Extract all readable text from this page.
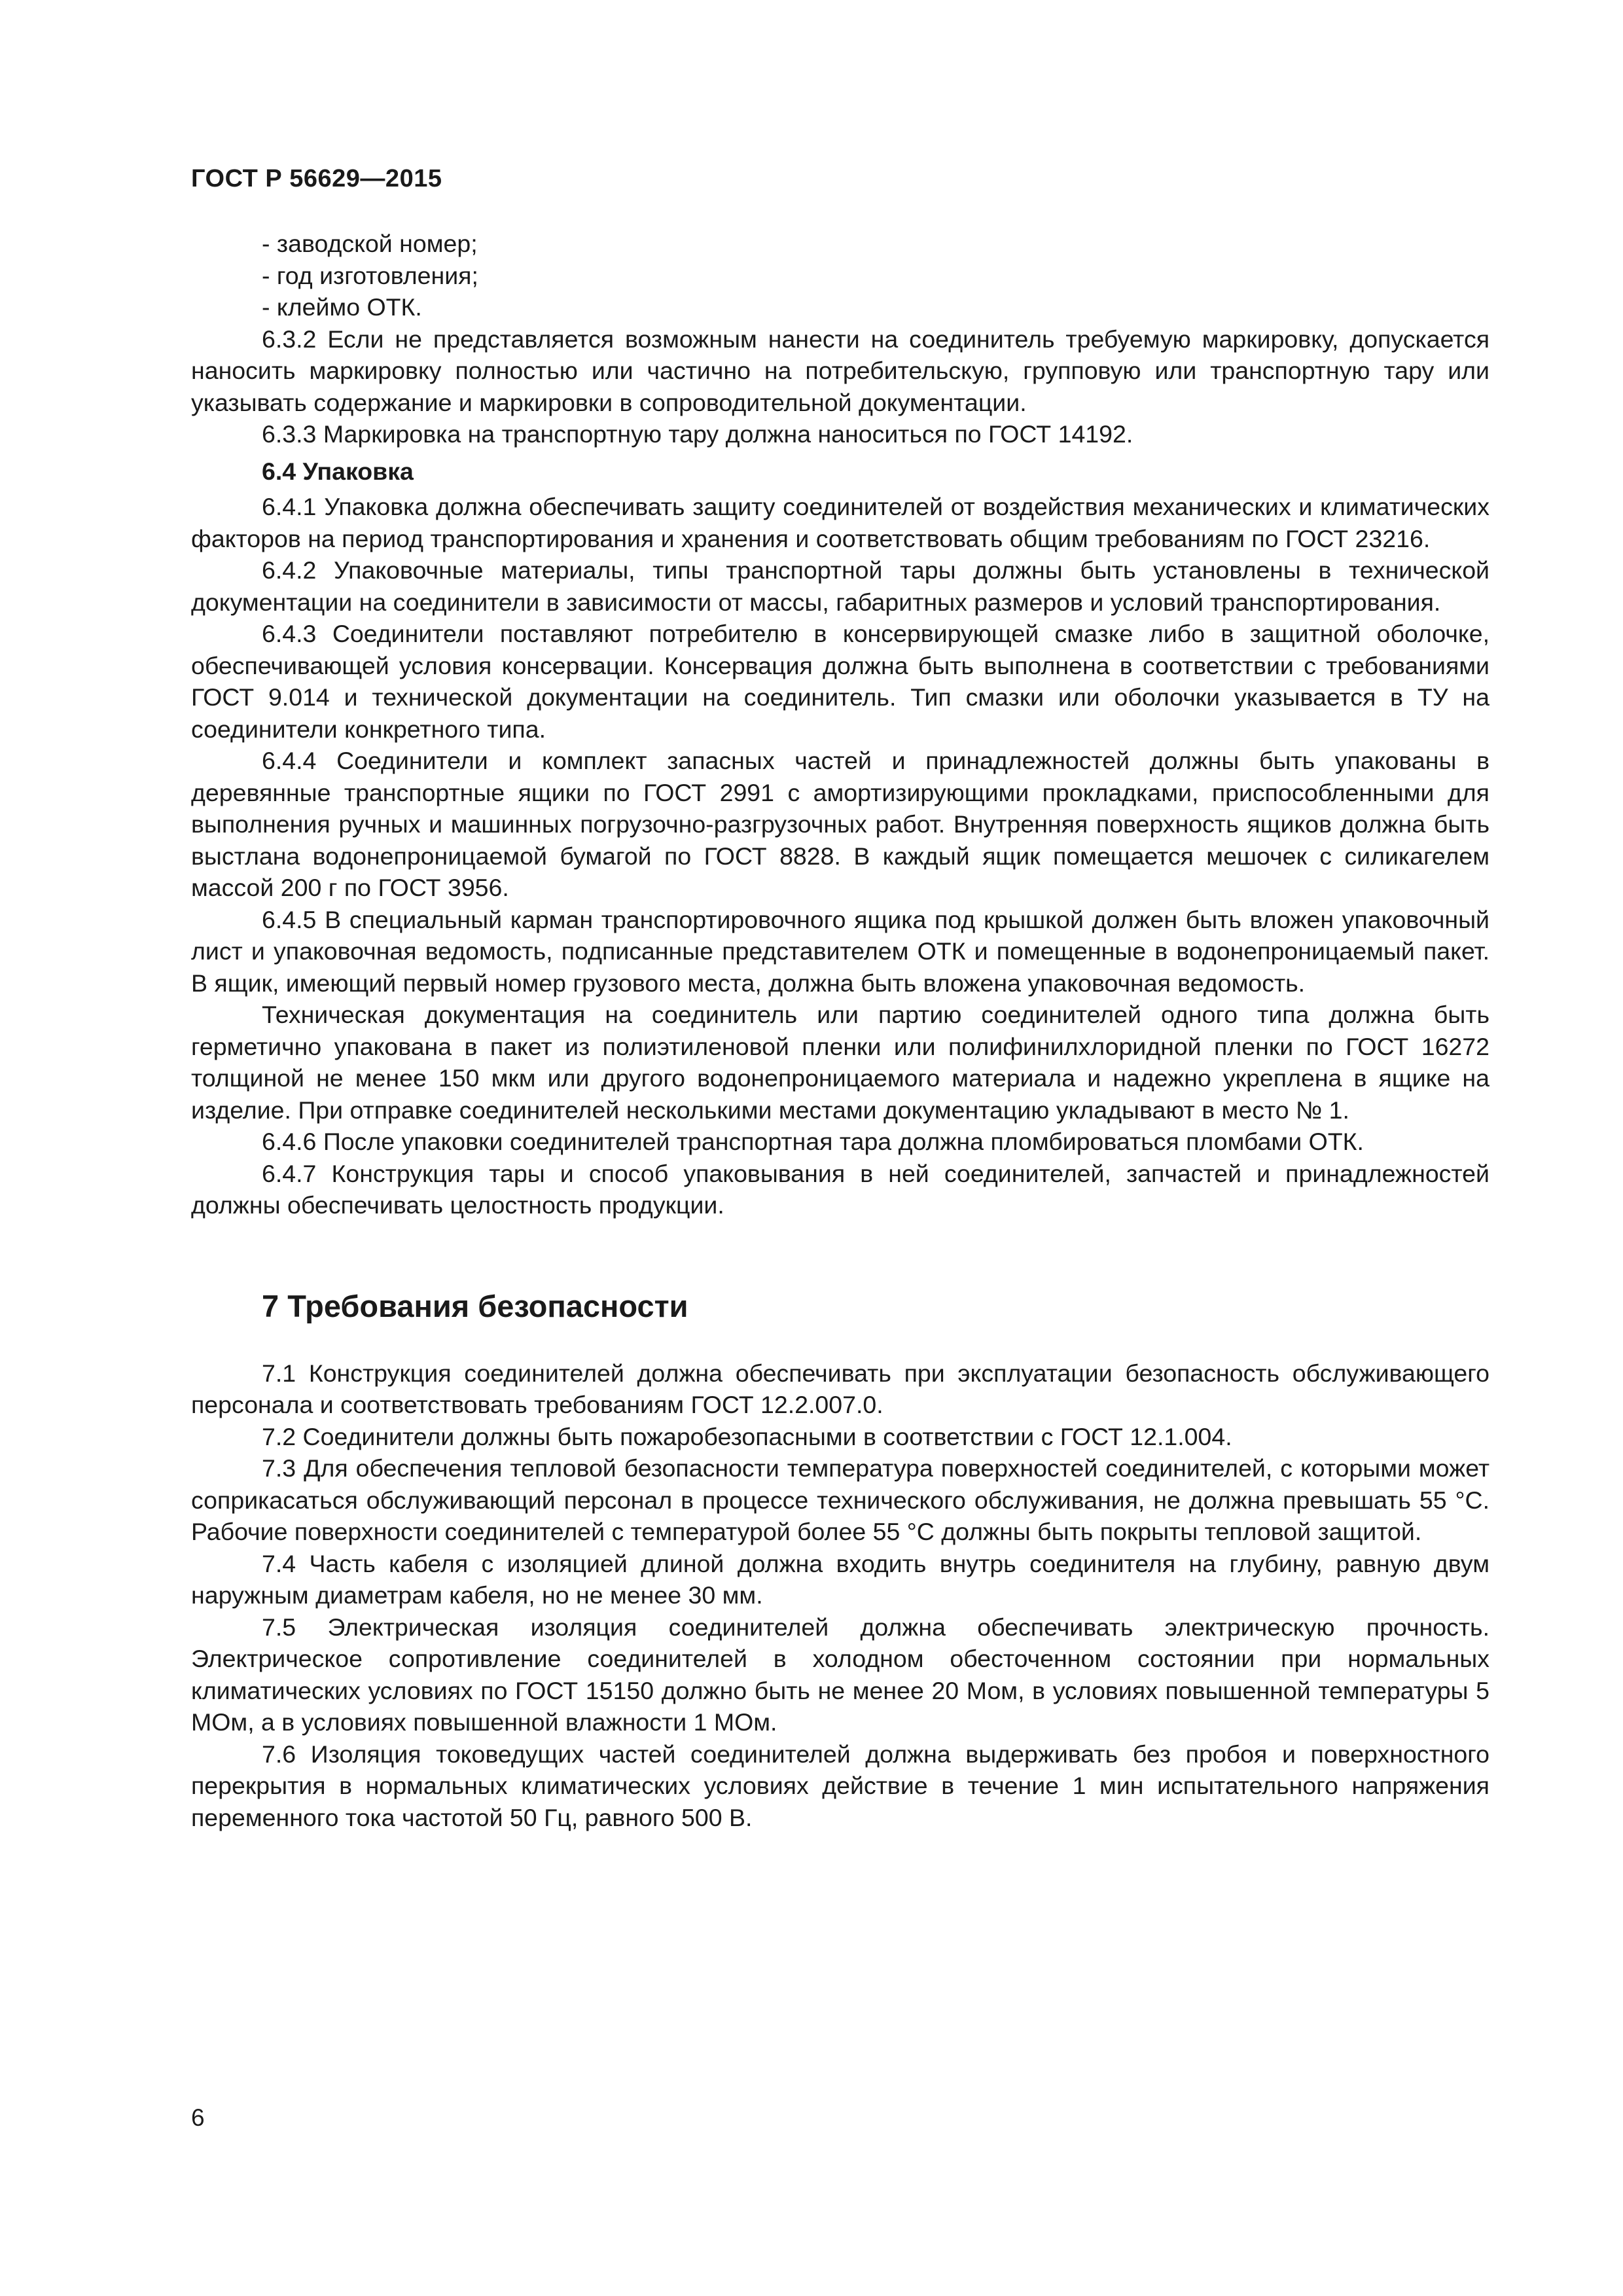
ГОСТ Р 56629—2015

- заводской номер;

- год изготовления;

- клеймо ОТК.

6.3.2 Если не представляется возможным нанести на соединитель требуемую маркировку, допускается наносить маркировку полностью или частично на потребительскую, групповую или транспортную тару или указывать содержание и маркировки в сопроводительной документации.

6.3.3 Маркировка на транспортную тару должна наноситься по ГОСТ 14192.

6.4 Упаковка

6.4.1 Упаковка должна обеспечивать защиту соединителей от воздействия механических и климатических факторов на период транспортирования и хранения и соответствовать общим требованиям по ГОСТ 23216.

6.4.2 Упаковочные материалы, типы транспортной тары должны быть установлены в технической документации на соединители в зависимости от массы, габаритных размеров и условий транспортирования.

6.4.3 Соединители поставляют потребителю в консервирующей смазке либо в защитной оболочке, обеспечивающей условия консервации. Консервация должна быть выполнена в соответствии с требованиями ГОСТ 9.014 и технической документации на соединитель. Тип смазки или оболочки указывается в ТУ на соединители конкретного типа.

6.4.4 Соединители и комплект запасных частей и принадлежностей должны быть упакованы в деревянные транспортные ящики по ГОСТ 2991 с амортизирующими прокладками, приспособленными для выполнения ручных и машинных погрузочно-разгрузочных работ. Внутренняя поверхность ящиков должна быть выстлана водонепроницаемой бумагой по ГОСТ 8828. В каждый ящик помещается мешочек с силикагелем массой 200 г по ГОСТ 3956.

6.4.5 В специальный карман транспортировочного ящика под крышкой должен быть вложен упаковочный лист и упаковочная ведомость, подписанные представителем ОТК и помещенные в водонепроницаемый пакет. В ящик, имеющий первый номер грузового места, должна быть вложена упаковочная ведомость.

Техническая документация на соединитель или партию соединителей одного типа должна быть герметично упакована в пакет из полиэтиленовой пленки или полифинилхлоридной пленки по ГОСТ 16272 толщиной не менее 150 мкм или другого водонепроницаемого материала и надежно укреплена в ящике на изделие. При отправке соединителей несколькими местами документацию укладывают в место № 1.

6.4.6 После упаковки соединителей транспортная тара должна пломбироваться пломбами ОТК.

6.4.7 Конструкция тары и способ упаковывания в ней соединителей, запчастей и принадлежностей должны обеспечивать целостность продукции.

7 Требования безопасности

7.1 Конструкция соединителей должна обеспечивать при эксплуатации безопасность обслуживающего персонала и соответствовать требованиям ГОСТ 12.2.007.0.

7.2 Соединители должны быть пожаробезопасными в соответствии с ГОСТ 12.1.004.

7.3 Для обеспечения тепловой безопасности температура поверхностей соединителей, с которыми может соприкасаться обслуживающий персонал в процессе технического обслуживания, не должна превышать 55 °С. Рабочие поверхности соединителей с температурой более 55 °С должны быть покрыты тепловой защитой.

7.4 Часть кабеля с изоляцией длиной должна входить внутрь соединителя на глубину, равную двум наружным диаметрам кабеля, но не менее 30 мм.

7.5 Электрическая изоляция соединителей должна обеспечивать электрическую прочность. Электрическое сопротивление соединителей в холодном обесточенном состоянии при нормальных климатических условиях по ГОСТ 15150 должно быть не менее 20 Мом, в условиях повышенной температуры 5 МОм, а в условиях повышенной влажности 1 МОм.

7.6 Изоляция токоведущих частей соединителей должна выдерживать без пробоя и поверхностного перекрытия в нормальных климатических условиях действие в течение 1 мин испытательного напряжения переменного тока частотой 50 Гц, равного 500 В.

6
